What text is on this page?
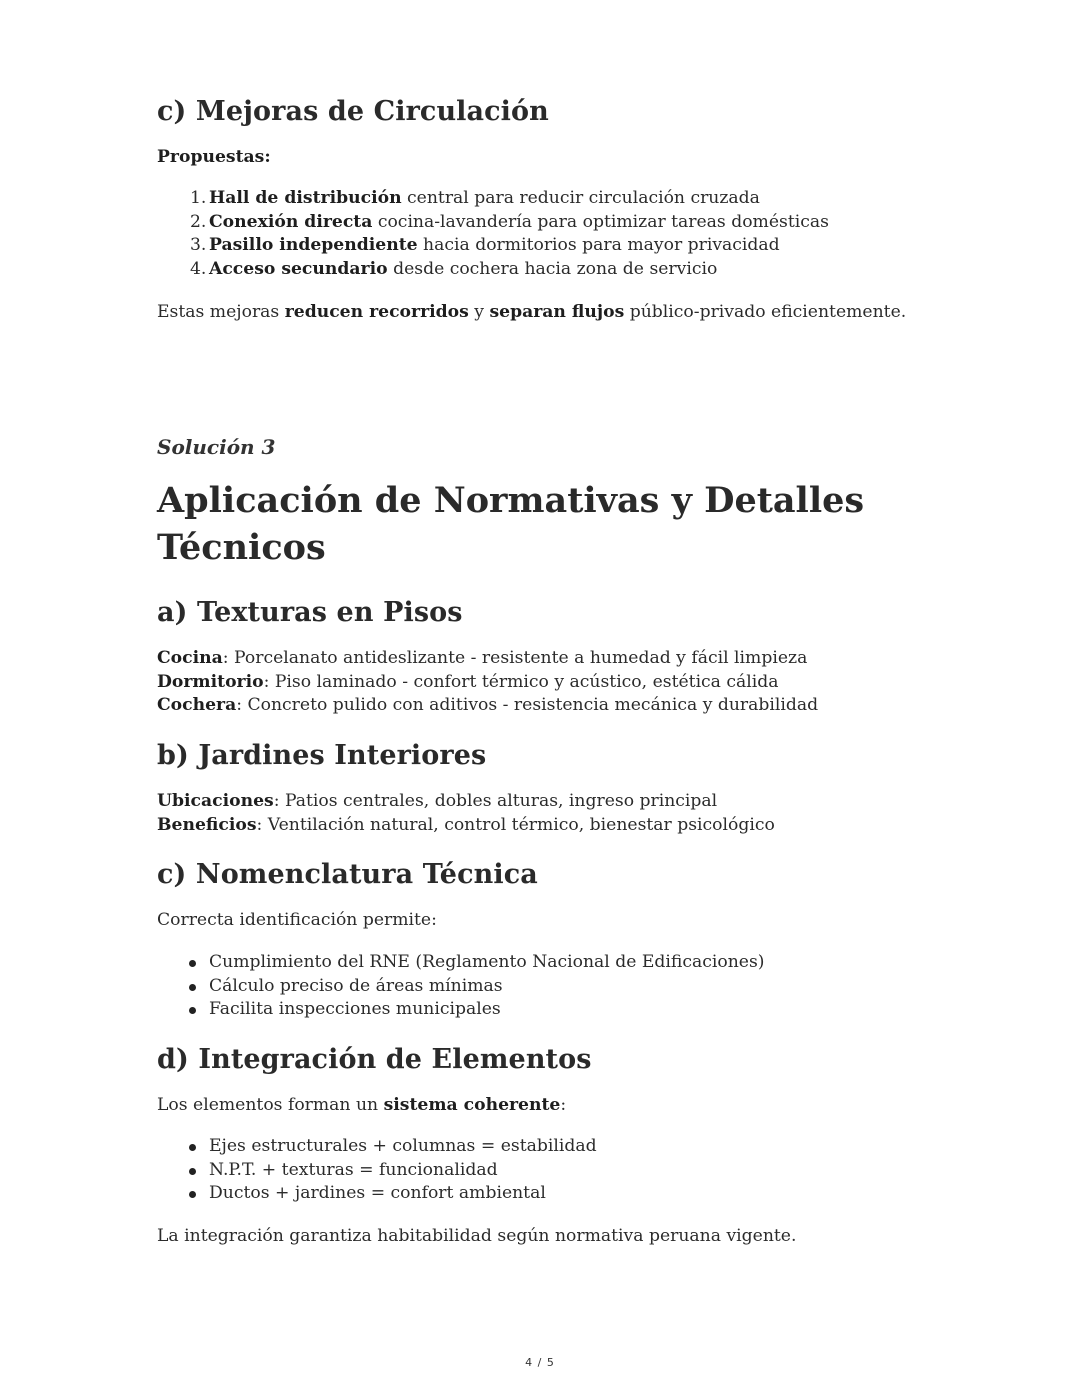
c) Mejoras de Circulación
Propuestas:
1. Hall de distribución central para reducir circulación cruzada
2. Conexión directa cocina-lavandería para optimizar tareas domésticas
3. Pasillo independiente hacia dormitorios para mayor privacidad
4. Acceso secundario desde cochera hacia zona de servicio

Estas mejoras reducen recorridos y separan flujos público-privado eficientemente.

Solución 3
Aplicación de Normativas y Detalles
Técnicos
a) Texturas en Pisos
Cocina: Porcelanato antideslizante - resistente a humedad y fácil limpieza
Dormitorio: Piso laminado - confort térmico y acústico, estética cálida
Cochera: Concreto pulido con aditivos - resistencia mecánica y durabilidad
b) Jardines Interiores
Ubicaciones: Patios centrales, dobles alturas, ingreso principal
Beneficios: Ventilación natural, control térmico, bienestar psicológico
c) Nomenclatura Técnica

Correcta identificación permite:

Cumplimiento del RNE (Reglamento Nacional de Edificaciones)
Cálculo preciso de áreas mínimas
Facilita inspecciones municipales
d) Integración de Elementos

Los elementos forman un sistema coherente:

Ejes estructurales + columnas = estabilidad
N.P.T. + texturas = funcionalidad
Ductos + jardines = confort ambiental

La integración garantiza habitabilidad según normativa peruana vigente.

4 / 5
